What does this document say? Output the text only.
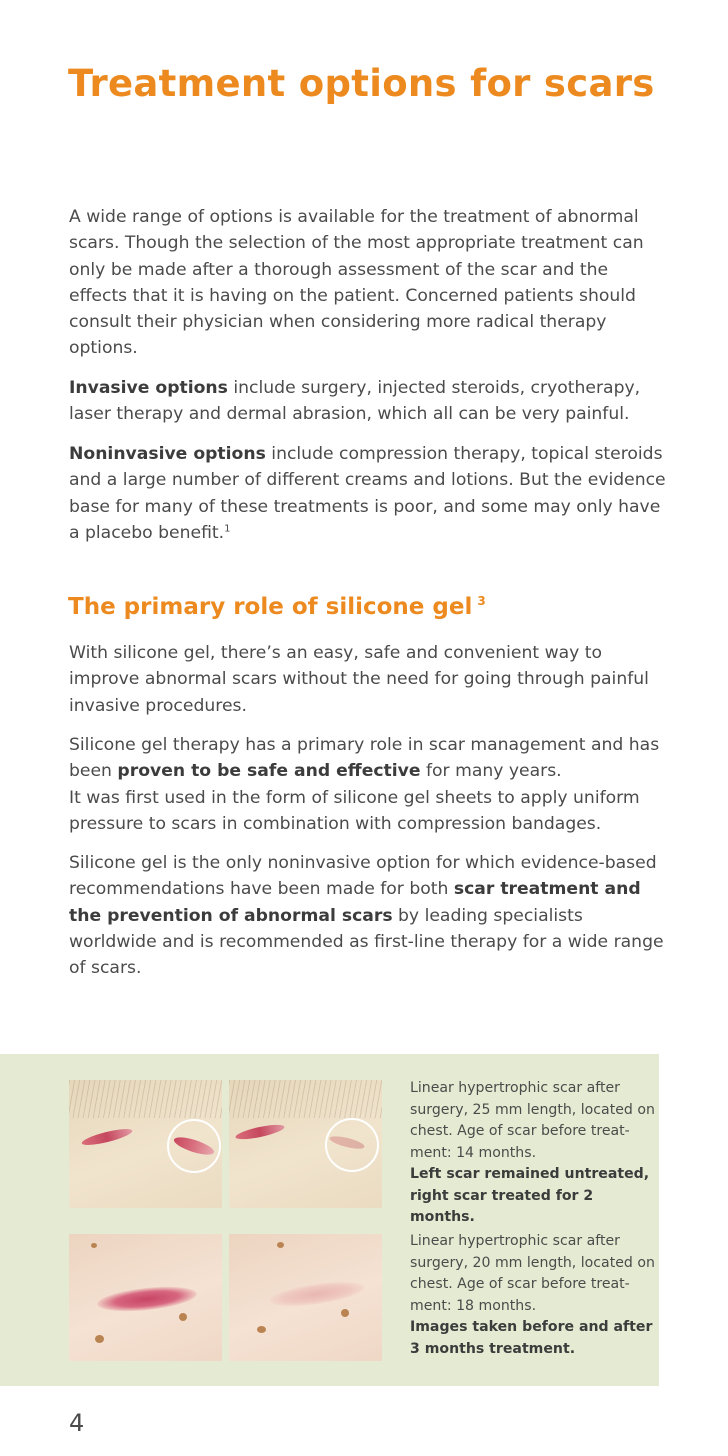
Treatment options for scars

A wide range of options is available for the treatment of abnormal scars. Though the selection of the most appropriate treatment can only be made after a thorough assessment of the scar and the effects that it is having on the patient. Concerned patients should consult their physician when considering more radical therapy options.

Invasive options include surgery, injected steroids, cryotherapy, laser therapy and dermal abrasion, which all can be very painful.

Noninvasive options include compression therapy, topical steroids and a large number of different creams and lotions. But the evidence base for many of these treatments is poor, and some may only have a placebo benefit.$^1$

The primary role of silicone gel $^3$

With silicone gel, there’s an easy, safe and convenient way to improve abnormal scars without the need for going through painful invasive procedures.

Silicone gel therapy has a primary role in scar management and has been proven to be safe and effective for many years.
It was first used in the form of silicone gel sheets to apply uniform pressure to scars in combination with compression bandages.

Silicone gel is the only noninvasive option for which evidence-based recommendations have been made for both scar treatment and the prevention of abnormal scars by leading specialists worldwide and is recommended as first-line therapy for a wide range of scars.

Linear hypertrophic scar after surgery, 25 mm length, located on chest. Age of scar before treat-ment: 14 months.
Left scar remained untreated, right scar treated for 2 months.
Linear hypertrophic scar after surgery, 20 mm length, located on chest. Age of scar before treat-ment: 18 months.
Images taken before and after 3 months treatment.
4
